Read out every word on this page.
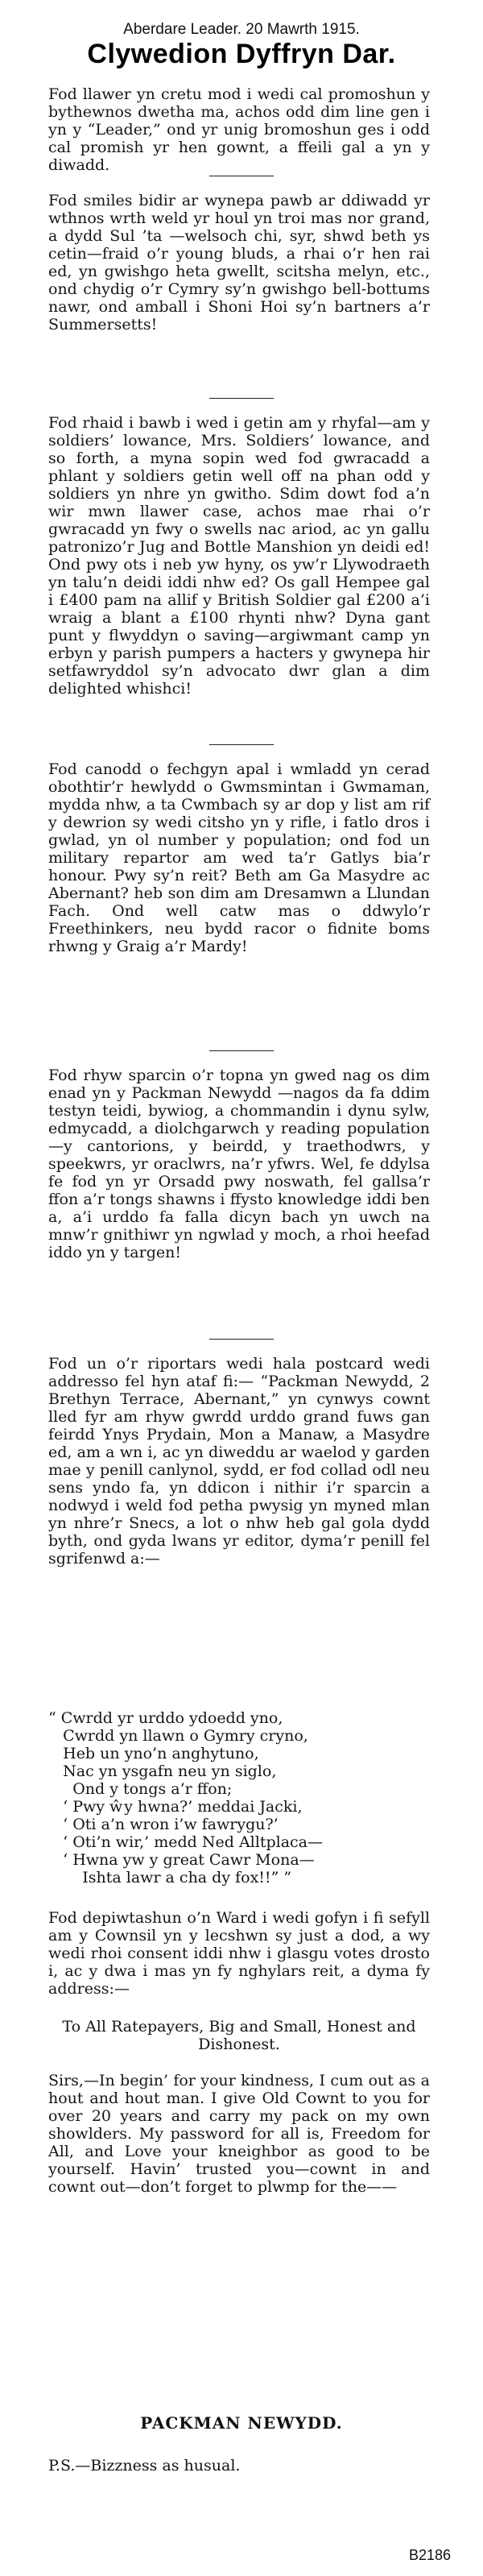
Aberdare Leader. 20 Mawrth 1915.
Clywedion Dyffryn Dar.

Fod llawer yn cretu mod i wedi cal promoshun y bythewnos dwetha ma, achos odd dim line gen i yn y “Leader,” ond yr unig bromoshun ges i odd cal promish yr hen gownt, a ffeili gal a yn y diwadd.

Fod smiles bidir ar wynepa pawb ar ddiwadd yr wthnos wrth weld yr houl yn troi mas nor grand, a dydd Sul ’ta —welsoch chi, syr, shwd beth ys cetin—fraid o’r young bluds, a rhai o’r hen rai ed, yn gwishgo heta gwellt, scitsha melyn, etc., ond chydig o’r Cymry sy’n gwishgo bell-bottums nawr, ond amball i Shoni Hoi sy’n bartners a’r Summersetts!

Fod rhaid i bawb i wed i getin am y rhyfal—am y soldiers’ lowance, Mrs. Soldiers’ lowance, and so forth, a myna sopin wed fod gwracadd a phlant y soldiers getin well off na phan odd y soldiers yn nhre yn gwitho. Sdim dowt fod a’n wir mwn llawer case, achos mae rhai o’r gwracadd yn fwy o swells nac ariod, ac yn gallu patronizo’r Jug and Bottle Manshion yn deidi ed! Ond pwy ots i neb yw hyny, os yw’r Llywodraeth yn talu’n deidi iddi nhw ed? Os gall Hempee gal i £400 pam na allif y British Soldier gal £200 a’i wraig a blant a £100 rhynti nhw? Dyna gant punt y flwyddyn o saving—argiwmant camp yn erbyn y parish pumpers a hacters y gwynepa hir setfawryddol sy’n advocato dwr glan a dim delighted whishci!

Fod canodd o fechgyn apal i wmladd yn cerad obothtir’r hewlydd o Gwmsmintan i Gwmaman, mydda nhw, a ta Cwmbach sy ar dop y list am rif y dewrion sy wedi citsho yn y rifle, i fatlo dros i gwlad, yn ol number y population; ond fod un military repartor am wed ta’r Gatlys bia’r honour. Pwy sy’n reit? Beth am Ga Masydre ac Abernant? heb son dim am Dresamwn a Llundan Fach. Ond well catw mas o ddwylo’r Freethinkers, neu bydd racor o fidnite boms rhwng y Graig a’r Mardy!

Fod rhyw sparcin o’r topna yn gwed nag os dim enad yn y Packman Newydd —nagos da fa ddim testyn teidi, bywiog, a chommandin i dynu sylw, edmycadd, a diolchgarwch y reading population—y cantorions, y beirdd, y traethodwrs, y speekwrs, yr oraclwrs, na’r yfwrs. Wel, fe ddylsa fe fod yn yr Orsadd pwy noswath, fel gallsa’r ffon a’r tongs shawns i ffysto knowledge iddi ben a, a’i urddo fa falla dicyn bach yn uwch na mnw’r gnithiwr yn ngwlad y moch, a rhoi heefad iddo yn y targen!

Fod un o’r riportars wedi hala postcard wedi addresso fel hyn ataf fi:— “Packman Newydd, 2 Brethyn Terrace, Abernant,” yn cynwys cownt lled fyr am rhyw gwrdd urddo grand fuws gan feirdd Ynys Prydain, Mon a Manaw, a Masydre ed, am a wn i, ac yn diweddu ar waelod y garden mae y penill canlynol, sydd, er fod collad odl neu sens yndo fa, yn ddicon i nithir i’r sparcin a nodwyd i weld fod petha pwysig yn myned mlan yn nhre’r Snecs, a lot o nhw heb gal gola dydd byth, ond gyda lwans yr editor, dyma’r penill fel sgrifenwd a:—

“ Cwrdd yr urddo ydoedd yno,
Cwrdd yn llawn o Gymry cryno,
Heb un yno’n anghytuno,
Nac yn ysgafn neu yn siglo,
Ond y tongs a’r ffon;
‘ Pwy ŵy hwna?’ meddai Jacki,
‘ Oti a’n wron i’w fawrygu?’
‘ Oti’n wir,’ medd Ned Alltplaca—
‘ Hwna yw y great Cawr Mona—
Ishta lawr a cha dy fox!!” ”

Fod depiwtashun o’n Ward i wedi gofyn i fi sefyll am y Cownsil yn y lecshwn sy just a dod, a wy wedi rhoi consent iddi nhw i glasgu votes drosto i, ac y dwa i mas yn fy nghylars reit, a dyma fy address:—

To All Ratepayers, Big and Small, Honest and Dishonest.

Sirs,—In begin’ for your kindness, I cum out as a hout and hout man. I give Old Cownt to you for over 20 years and carry my pack on my own showlders. My password for all is, Freedom for All, and Love your kneighbor as good to be yourself. Havin’ trusted you—cownt in and cownt out—don’t forget to plwmp for the——

PACKMAN NEWYDD.
P.S.—Bizzness as husual.
B2186
